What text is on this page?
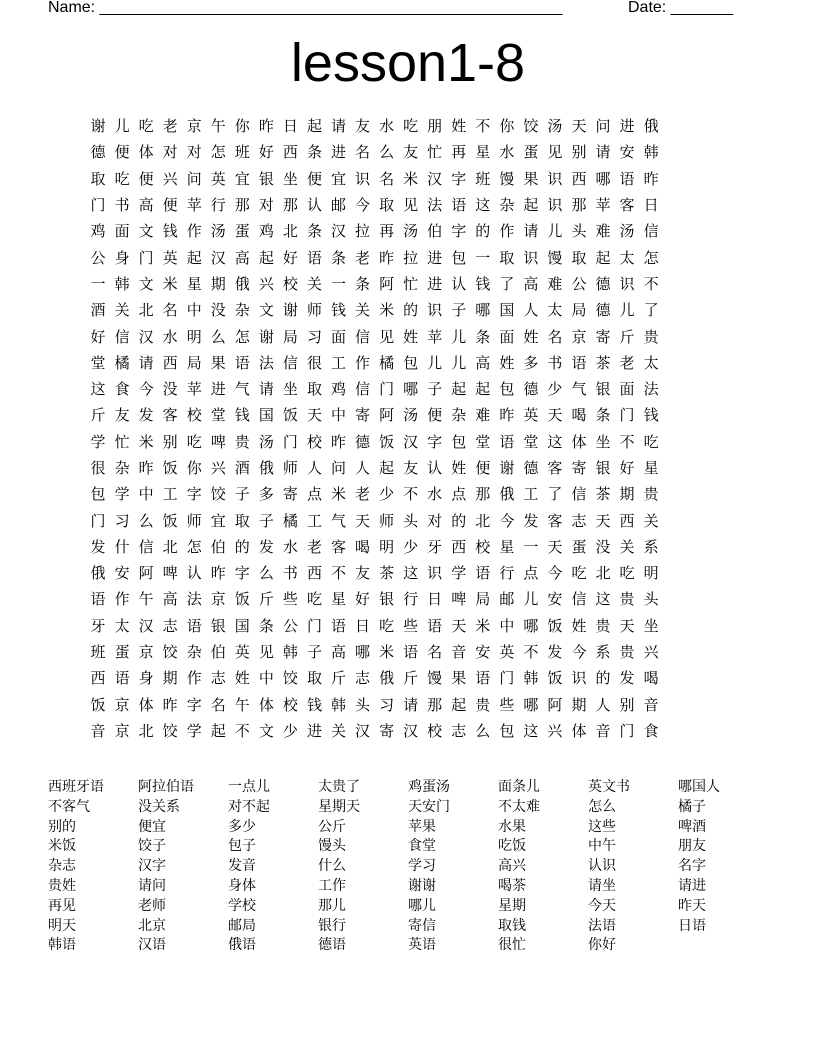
Name: ____________________________________________________	Date: _______
lesson1-8
谢	儿	吃	老	京	午	你	昨	日	起	请	友	水	吃	朋	姓	不	你	饺	汤	天	问	进	俄
德	便	体	对	对	怎	班	好	西	条	进	名	么	友	忙	再	星	水	蛋	见	别	请	安	韩
取	吃	便	兴	问	英	宜	银	坐	便	宜	识	名	米	汉	字	班	馒	果	识	西	哪	语	昨
门	书	高	便	苹	行	那	对	那	认	邮	今	取	见	法	语	这	杂	起	识	那	苹	客	日
鸡	面	文	钱	作	汤	蛋	鸡	北	条	汉	拉	再	汤	伯	字	的	作	请	儿	头	难	汤	信
公	身	门	英	起	汉	高	起	好	语	条	老	昨	拉	进	包	一	取	识	馒	取	起	太	怎
一	韩	文	米	星	期	俄	兴	校	关	一	条	阿	忙	进	认	钱	了	高	难	公	德	识	不
酒	关	北	名	中	没	杂	文	谢	师	钱	关	米	的	识	子	哪	国	人	太	局	德	儿	了
好	信	汉	水	明	么	怎	谢	局	习	面	信	见	姓	苹	儿	条	面	姓	名	京	寄	斤	贵
堂	橘	请	西	局	果	语	法	信	很	工	作	橘	包	儿	儿	高	姓	多	书	语	茶	老	太
这	食	今	没	苹	进	气	请	坐	取	鸡	信	门	哪	子	起	起	包	德	少	气	银	面	法
斤	友	发	客	校	堂	钱	国	饭	天	中	寄	阿	汤	便	杂	难	昨	英	天	喝	条	门	钱
学	忙	米	别	吃	啤	贵	汤	门	校	昨	德	饭	汉	字	包	堂	语	堂	这	体	坐	不	吃
很	杂	昨	饭	你	兴	酒	俄	师	人	问	人	起	友	认	姓	便	谢	德	客	寄	银	好	星
包	学	中	工	字	饺	子	多	寄	点	米	老	少	不	水	点	那	俄	工	了	信	茶	期	贵
门	习	么	饭	师	宜	取	子	橘	工	气	天	师	头	对	的	北	今	发	客	志	天	西	关
发	什	信	北	怎	伯	的	发	水	老	客	喝	明	少	牙	西	校	星	一	天	蛋	没	关	系
俄	安	阿	啤	认	昨	字	么	书	西	不	友	茶	这	识	学	语	行	点	今	吃	北	吃	明
语	作	午	高	法	京	饭	斤	些	吃	星	好	银	行	日	啤	局	邮	儿	安	信	这	贵	头
牙	太	汉	志	语	银	国	条	公	门	语	日	吃	些	语	天	米	中	哪	饭	姓	贵	天	坐
班	蛋	京	饺	杂	伯	英	见	韩	子	高	哪	米	语	名	音	安	英	不	发	今	系	贵	兴
西	语	身	期	作	志	姓	中	饺	取	斤	志	俄	斤	馒	果	语	门	韩	饭	识	的	发	喝
饭	京	体	昨	字	名	午	体	校	钱	韩	头	习	请	那	起	贵	些	哪	阿	期	人	别	音
音	京	北	饺	学	起	不	文	少	进	关	汉	寄	汉	校	志	么	包	这	兴	体	音	门	食
西班牙语	阿拉伯语	一点儿	太贵了	鸡蛋汤	面条儿	英文书	哪国人
不客气	没关系	对不起	星期天	天安门	不太难	怎么	橘子
别的	便宜	多少	公斤	苹果	水果	这些	啤酒
米饭	饺子	包子	馒头	食堂	吃饭	中午	朋友
杂志	汉字	发音	什么	学习	高兴	认识	名字
贵姓	请问	身体	工作	谢谢	喝茶	请坐	请进
再见	老师	学校	那儿	哪儿	星期	今天	昨天
明天	北京	邮局	银行	寄信	取钱	法语	日语
韩语	汉语	俄语	德语	英语	很忙	你好
